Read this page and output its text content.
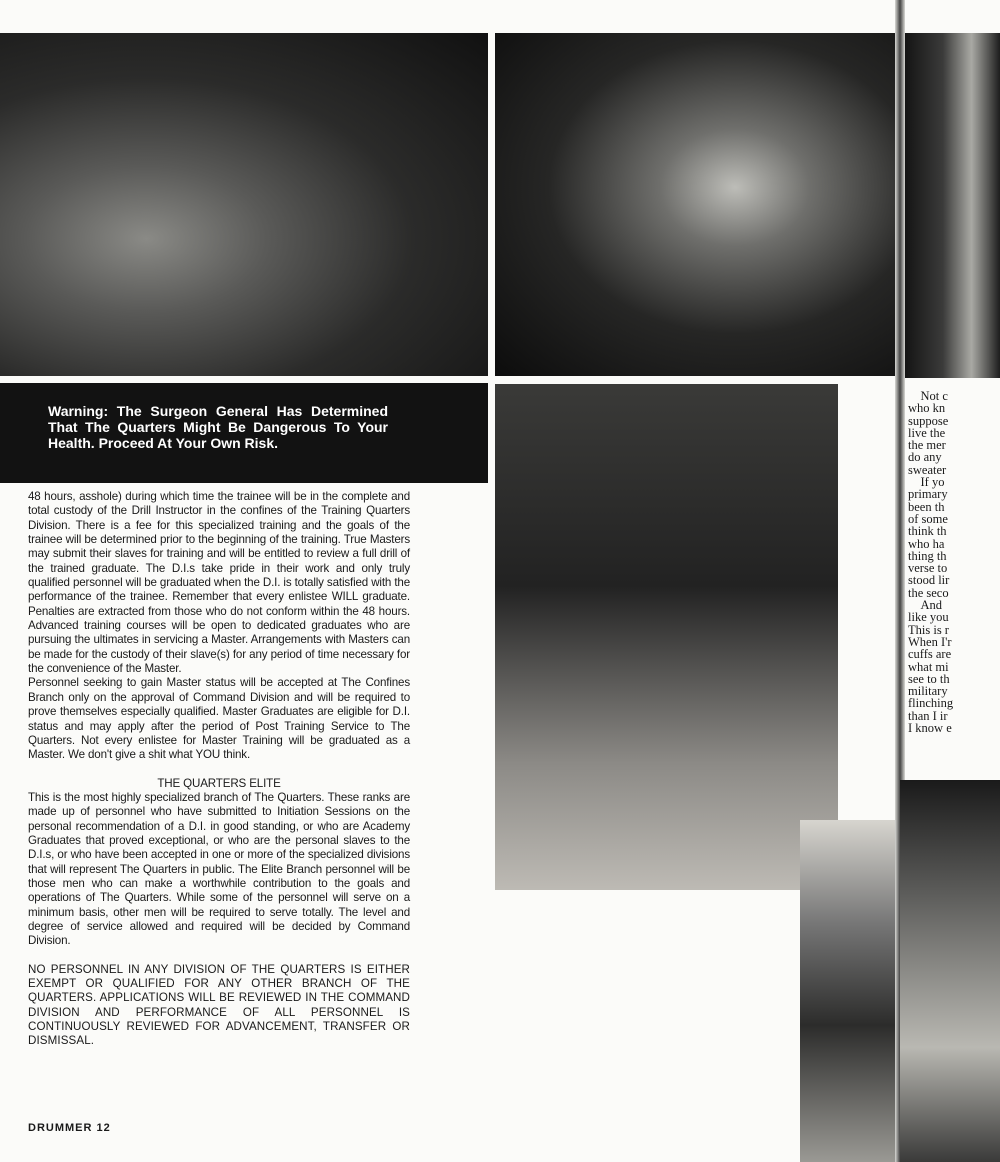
Warning: The Surgeon General Has Determined That The Quarters Might Be Dangerous To Your Health. Proceed At Your Own Risk.

48 hours, asshole) during which time the trainee will be in the complete and total custody of the Drill Instructor in the confines of the Training Quarters Division. There is a fee for this specialized training and the goals of the trainee will be determined prior to the beginning of the training. True Masters may submit their slaves for training and will be entitled to review a full drill of the trained graduate. The D.I.s take pride in their work and only truly qualified personnel will be graduated when the D.I. is totally satisfied with the performance of the trainee. Remember that every enlistee WILL graduate. Penalties are extracted from those who do not conform within the 48 hours. Advanced training courses will be open to dedicated graduates who are pursuing the ultimates in servicing a Master. Arrangements with Masters can be made for the custody of their slave(s) for any period of time necessary for the convenience of the Master.

Personnel seeking to gain Master status will be accepted at The Confines Branch only on the approval of Command Division and will be required to prove themselves especially qualified. Master Graduates are eligible for D.I. status and may apply after the period of Post Training Service to The Quarters. Not every enlistee for Master Training will be graduated as a Master. We don't give a shit what YOU think.

THE QUARTERS ELITE

This is the most highly specialized branch of The Quarters. These ranks are made up of personnel who have submitted to Initiation Sessions on the personal recommendation of a D.I. in good standing, or who are Academy Graduates that proved exceptional, or who are the personal slaves to the D.I.s, or who have been accepted in one or more of the specialized divisions that will represent The Quarters in public. The Elite Branch personnel will be those men who can make a worthwhile contribution to the goals and operations of The Quarters. While some of the personnel will serve on a minimum basis, other men will be required to serve totally. The level and degree of service allowed and required will be decided by Command Division.

NO PERSONNEL IN ANY DIVISION OF THE QUARTERS IS EITHER EXEMPT OR QUALIFIED FOR ANY OTHER BRANCH OF THE QUARTERS. APPLICATIONS WILL BE REVIEWED IN THE COMMAND DIVISION AND PERFORMANCE OF ALL PERSONNEL IS CONTINUOUSLY REVIEWED FOR ADVANCEMENT, TRANSFER OR DISMISSAL.

DRUMMER 12
 Not c
who kn
suppose
live the
the mer
do any
sweater
 If yo
primary
been th
of some
think th
who ha
thing th
verse to
stood lir
the seco
 And
like you
This is r
When I'r
cuffs are
what mi
see to th
military
flinching
than I ir
I know e
